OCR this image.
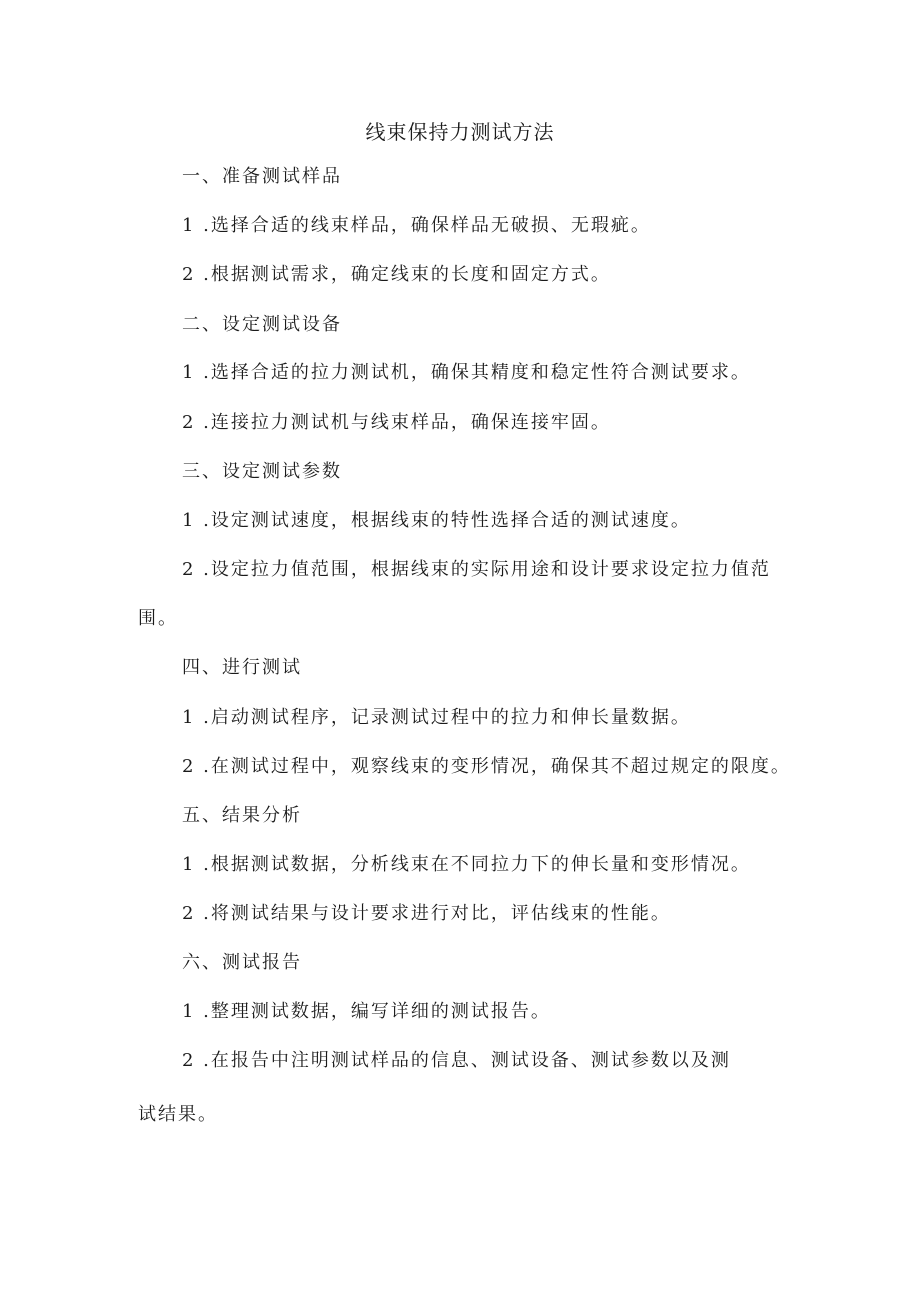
线束保持力测试方法
一、准备测试样品
1 .选择合适的线束样品，确保样品无破损、无瑕疵。
2 .根据测试需求，确定线束的长度和固定方式。
二、设定测试设备
1 .选择合适的拉力测试机，确保其精度和稳定性符合测试要求。
2 .连接拉力测试机与线束样品，确保连接牢固。
三、设定测试参数
1 .设定测试速度，根据线束的特性选择合适的测试速度。
2 .设定拉力值范围，根据线束的实际用途和设计要求设定拉力值范
围。
四、进行测试
1 .启动测试程序，记录测试过程中的拉力和伸长量数据。
2 .在测试过程中，观察线束的变形情况，确保其不超过规定的限度。
五、结果分析
1 .根据测试数据，分析线束在不同拉力下的伸长量和变形情况。
2 .将测试结果与设计要求进行对比，评估线束的性能。
六、测试报告
1 .整理测试数据，编写详细的测试报告。
2 .在报告中注明测试样品的信息、测试设备、测试参数以及测
试结果。
